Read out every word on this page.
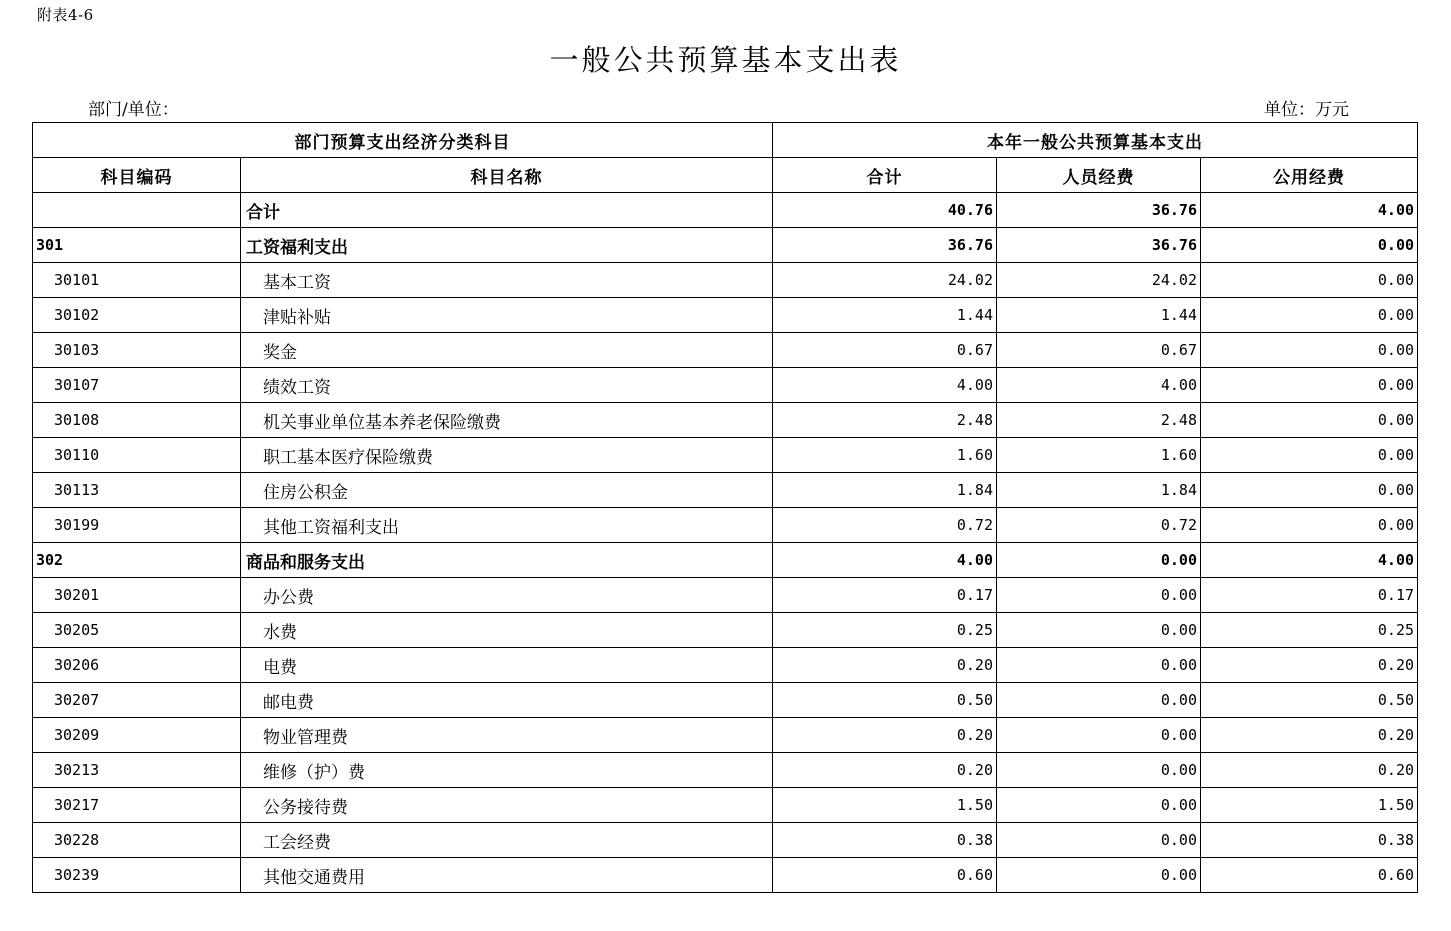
附表4-6
一般公共预算基本支出表
部门/单位：	单位：万元
部门预算支出经济分类科目		本年一般公共预算基本支出		
科目编码	科目名称	合计	人员经费	公用经费
	合计	40.76	36.76	4.00
301	工资福利支出	36.76	36.76	0.00
30101	基本工资	24.02	24.02	0.00
30102	津贴补贴	1.44	1.44	0.00
30103	奖金	0.67	0.67	0.00
30107	绩效工资	4.00	4.00	0.00
30108	机关事业单位基本养老保险缴费	2.48	2.48	0.00
30110	职工基本医疗保险缴费	1.60	1.60	0.00
30113	住房公积金	1.84	1.84	0.00
30199	其他工资福利支出	0.72	0.72	0.00
302	商品和服务支出	4.00	0.00	4.00
30201	办公费	0.17	0.00	0.17
30205	水费	0.25	0.00	0.25
30206	电费	0.20	0.00	0.20
30207	邮电费	0.50	0.00	0.50
30209	物业管理费	0.20	0.00	0.20
30213	维修（护）费	0.20	0.00	0.20
30217	公务接待费	1.50	0.00	1.50
30228	工会经费	0.38	0.00	0.38
30239	其他交通费用	0.60	0.00	0.60
